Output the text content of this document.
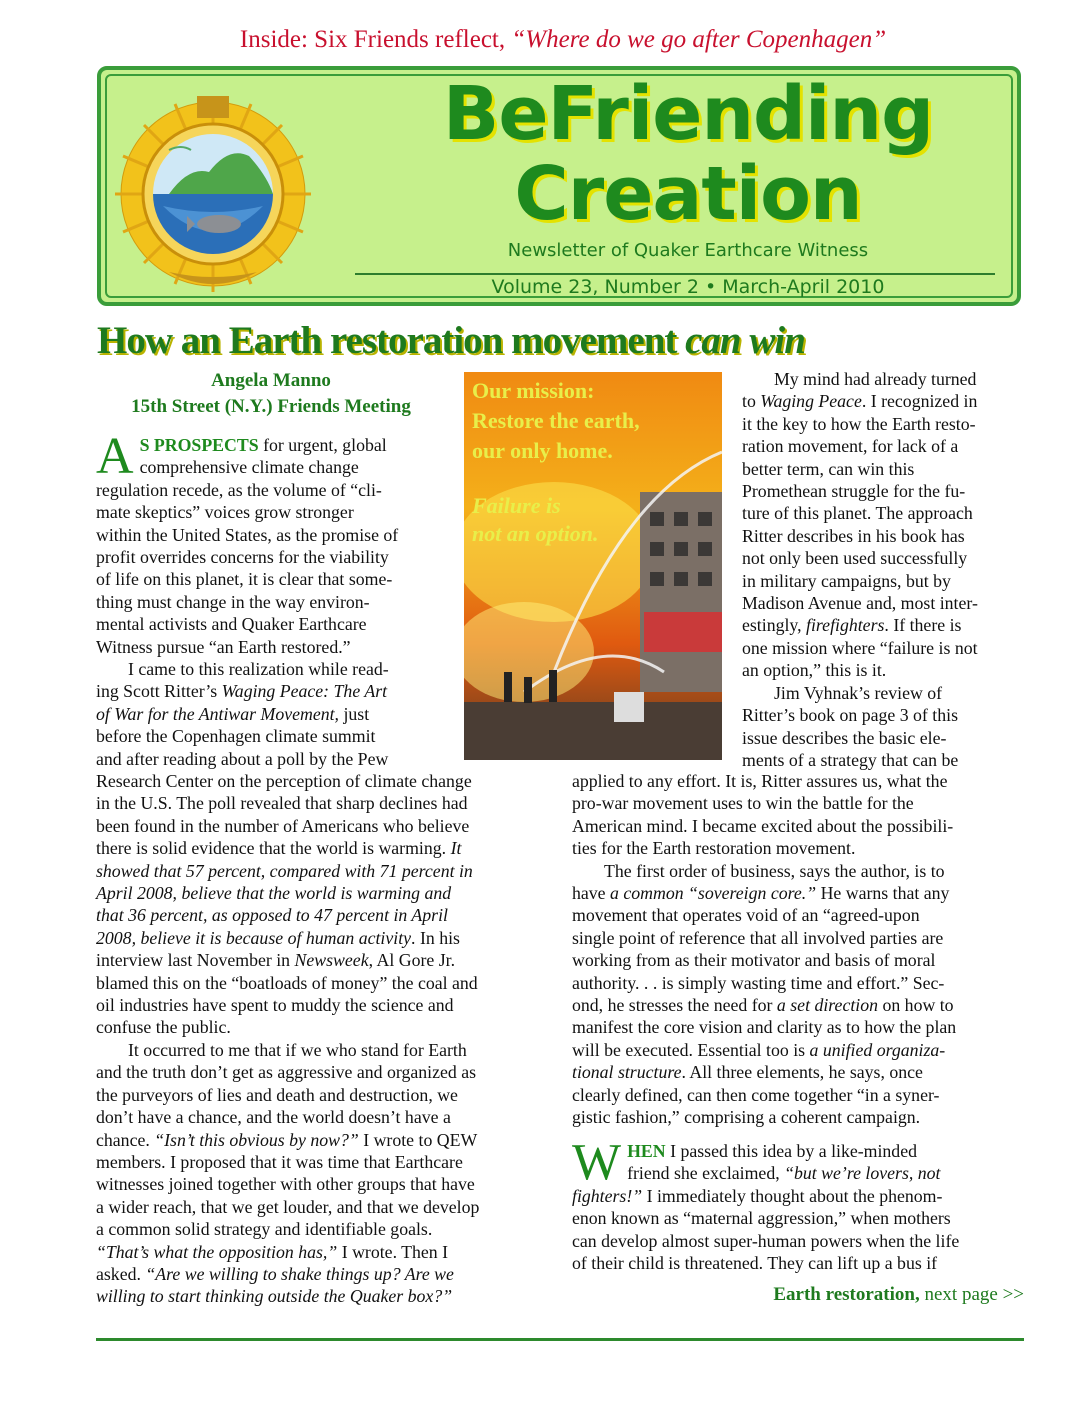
Inside: Six Friends reflect, “Where do we go after Copenhagen”
BeFriending
Creation
Newsletter of Quaker Earthcare Witness
Volume 23, Number 2 • March-April 2010
How an Earth restoration movement can win
Angela Manno
15th Street (N.Y.) Friends Meeting
Our mission:
Restore the earth,
our only home.
Failure is
not an option.
A S PROSPECTS for urgent, global
comprehensive climate change
regulation recede, as the volume of “cli-
mate skeptics” voices grow stronger
within the United States, as the promise of
profit overrides concerns for the viability
of life on this planet, it is clear that some-
thing must change in the way environ-
mental activists and Quaker Earthcare
Witness pursue “an Earth restored.”
I came to this realization while read-
ing Scott Ritter’s Waging Peace: The Art
of War for the Antiwar Movement, just
before the Copenhagen climate summit
and after reading about a poll by the Pew
Research Center on the perception of climate change
in the U.S. The poll revealed that sharp declines had
been found in the number of Americans who believe
there is solid evidence that the world is warming. It
showed that 57 percent, compared with 71 percent in
April 2008, believe that the world is warming and
that 36 percent, as opposed to 47 percent in April
2008, believe it is because of human activity. In his
interview last November in Newsweek, Al Gore Jr.
blamed this on the “boatloads of money” the coal and
oil industries have spent to muddy the science and
confuse the public.
It occurred to me that if we who stand for Earth
and the truth don’t get as aggressive and organized as
the purveyors of lies and death and destruction, we
don’t have a chance, and the world doesn’t have a
chance. “Isn’t this obvious by now?” I wrote to QEW
members. I proposed that it was time that Earthcare
witnesses joined together with other groups that have
a wider reach, that we get louder, and that we develop
a common solid strategy and identifiable goals.
“That’s what the opposition has,” I wrote. Then I
asked. “Are we willing to shake things up? Are we
willing to start thinking outside the Quaker box?”
My mind had already turned
to Waging Peace. I recognized in
it the key to how the Earth resto-
ration movement, for lack of a
better term, can win this
Promethean struggle for the fu-
ture of this planet. The approach
Ritter describes in his book has
not only been used successfully
in military campaigns, but by
Madison Avenue and, most inter-
estingly, firefighters. If there is
one mission where “failure is not
an option,” this is it.
Jim Vyhnak’s review of
Ritter’s book on page 3 of this
issue describes the basic ele-
ments of a strategy that can be
applied to any effort. It is, Ritter assures us, what the
pro-war movement uses to win the battle for the
American mind. I became excited about the possibili-
ties for the Earth restoration movement.
The first order of business, says the author, is to
have a common “sovereign core.” He warns that any
movement that operates void of an “agreed-upon
single point of reference that all involved parties are
working from as their motivator and basis of moral
authority. . . is simply wasting time and effort.” Sec-
ond, he stresses the need for a set direction on how to
manifest the core vision and clarity as to how the plan
will be executed. Essential too is a unified organiza-
tional structure. All three elements, he says, once
clearly defined, can then come together “in a syner-
gistic fashion,” comprising a coherent campaign.
WHEN I passed this idea by a like-minded
friend she exclaimed, “but we’re lovers, not
fighters!” I immediately thought about the phenom-
enon known as “maternal aggression,” when mothers
can develop almost super-human powers when the life
of their child is threatened. They can lift up a bus if
Earth restoration, next page >>
